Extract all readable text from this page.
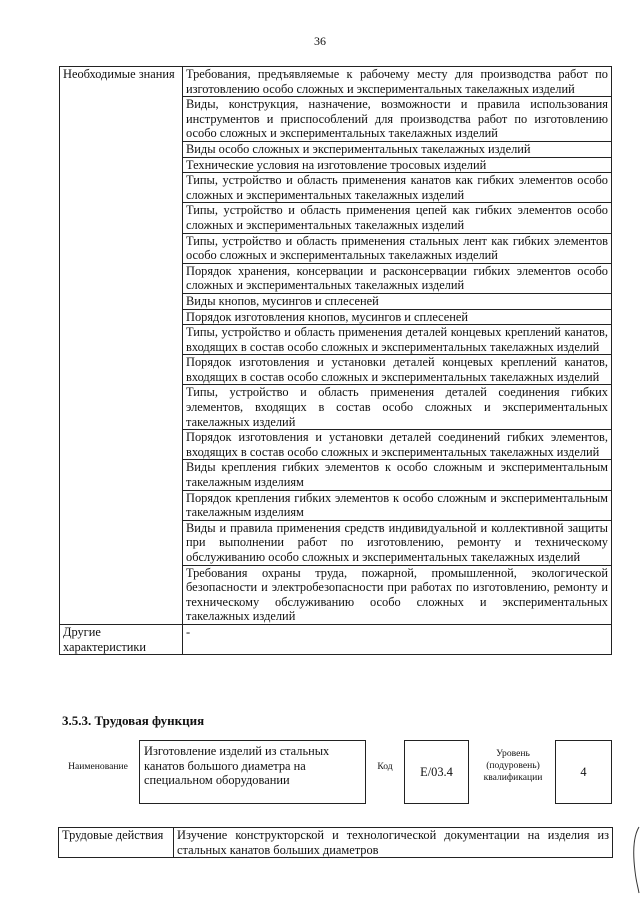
36
Необходимые знания	Требования, предъявляемые к рабочему месту для производства работ по изготовлению особо сложных и экспериментальных такелажных изделий
	Виды, конструкция, назначение, возможности и правила использования инструментов и приспособлений для производства работ по изготовлению особо сложных и экспериментальных такелажных изделий
	Виды особо сложных и экспериментальных такелажных изделий
	Технические условия на изготовление тросовых изделий
	Типы, устройство и область применения канатов как гибких элементов особо сложных и экспериментальных такелажных изделий
	Типы, устройство и область применения цепей как гибких элементов особо сложных и экспериментальных такелажных изделий
	Типы, устройство и область применения стальных лент как гибких элементов особо сложных и экспериментальных такелажных изделий
	Порядок хранения, консервации и расконсервации гибких элементов особо сложных и экспериментальных такелажных изделий
	Виды кнопов, мусингов и сплесеней
	Порядок изготовления кнопов, мусингов и сплесеней
	Типы, устройство и область применения деталей концевых креплений канатов, входящих в состав особо сложных и экспериментальных такелажных изделий
	Порядок изготовления и установки деталей концевых креплений канатов, входящих в состав особо сложных и экспериментальных такелажных изделий
	Типы, устройство и область применения деталей соединения гибких элементов, входящих в состав особо сложных и экспериментальных такелажных изделий
	Порядок изготовления и установки деталей соединений гибких элементов, входящих в состав особо сложных и экспериментальных такелажных изделий
	Виды крепления гибких элементов к особо сложным и экспериментальным такелажным изделиям
	Порядок крепления гибких элементов к особо сложным и экспериментальным такелажным изделиям
	Виды и правила применения средств индивидуальной и коллективной защиты при выполнении работ по изготовлению, ремонту и техническому обслуживанию особо сложных и экспериментальных такелажных изделий
	Требования охраны труда, пожарной, промышленной, экологической безопасности и электробезопасности при работах по изготовлению, ремонту и техническому обслуживанию особо сложных и экспериментальных такелажных изделий
Другие характеристики	-
3.5.3. Трудовая функция
Наименование
Изготовление изделий из стальных канатов большого диаметра на специальном оборудовании
Код	E/03.4
Уровень (подуровень) квалификации	4
Трудовые действия	Изучение конструкторской и технологической документации на изделия из стальных канатов больших диаметров
